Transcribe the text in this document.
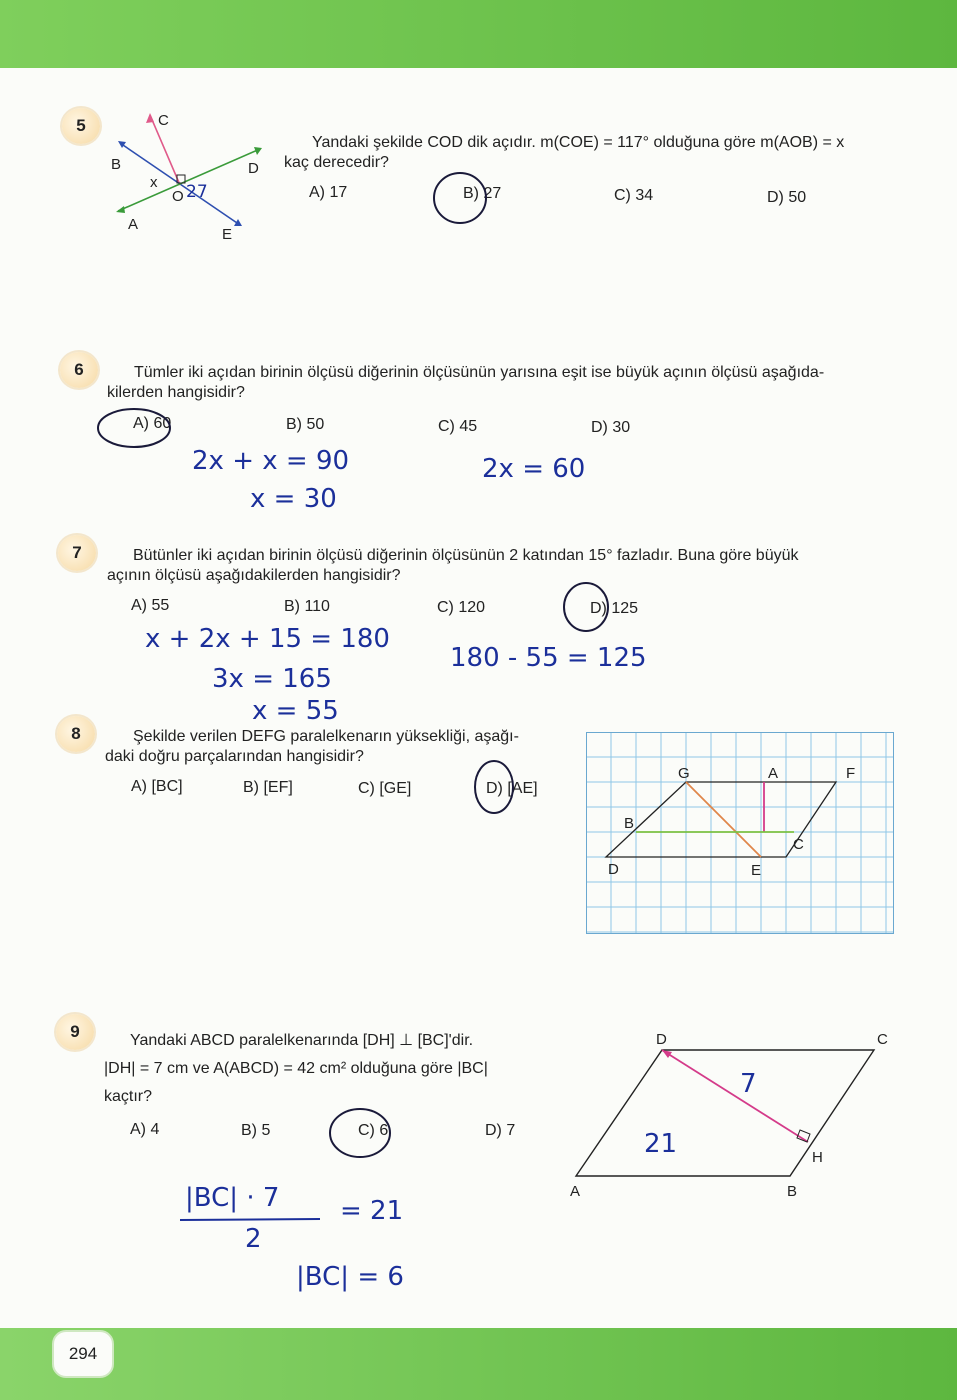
5	C
B	D
A
E
O
x 27
Yandaki şekilde COD dik açıdır. m(COE) = 117° olduğuna göre m(AOB) = x
kaç derecedir?
A) 17	B) 27	C) 34	D) 50
6	Tümler iki açıdan birinin ölçüsü diğerinin ölçüsünün yarısına eşit ise büyük açının ölçüsü aşağıda-
kilerden hangisidir?
A) 60	B) 50	C) 45	D) 30
2x + x = 90
x = 30
2x = 60
7	Bütünler iki açıdan birinin ölçüsü diğerinin ölçüsünün 2 katından 15° fazladır. Buna göre büyük
açının ölçüsü aşağıdakilerden hangisidir?
A) 55	B) 110	C) 120	D) 125
x + 2x + 15 = 180
3x = 165
x = 55
180 - 55 = 125
8	Şekilde verilen DEFG paralelkenarın yüksekliği, aşağı-
daki doğru parçalarından hangisidir?
A) [BC]	B) [EF]	C) [GE]	D) [AE]
G	A	F
B
C
D	E
9	Yandaki ABCD paralelkenarında [DH] ⊥ [BC]'dir.
|DH| = 7 cm ve A(ABCD) = 42 cm² olduğuna göre |BC|
kaçtır?
A) 4	B) 5	C) 6	D) 7
D	C
A	B
H
7
21
|BC| · 7
2
= 21
|BC| = 6
294
